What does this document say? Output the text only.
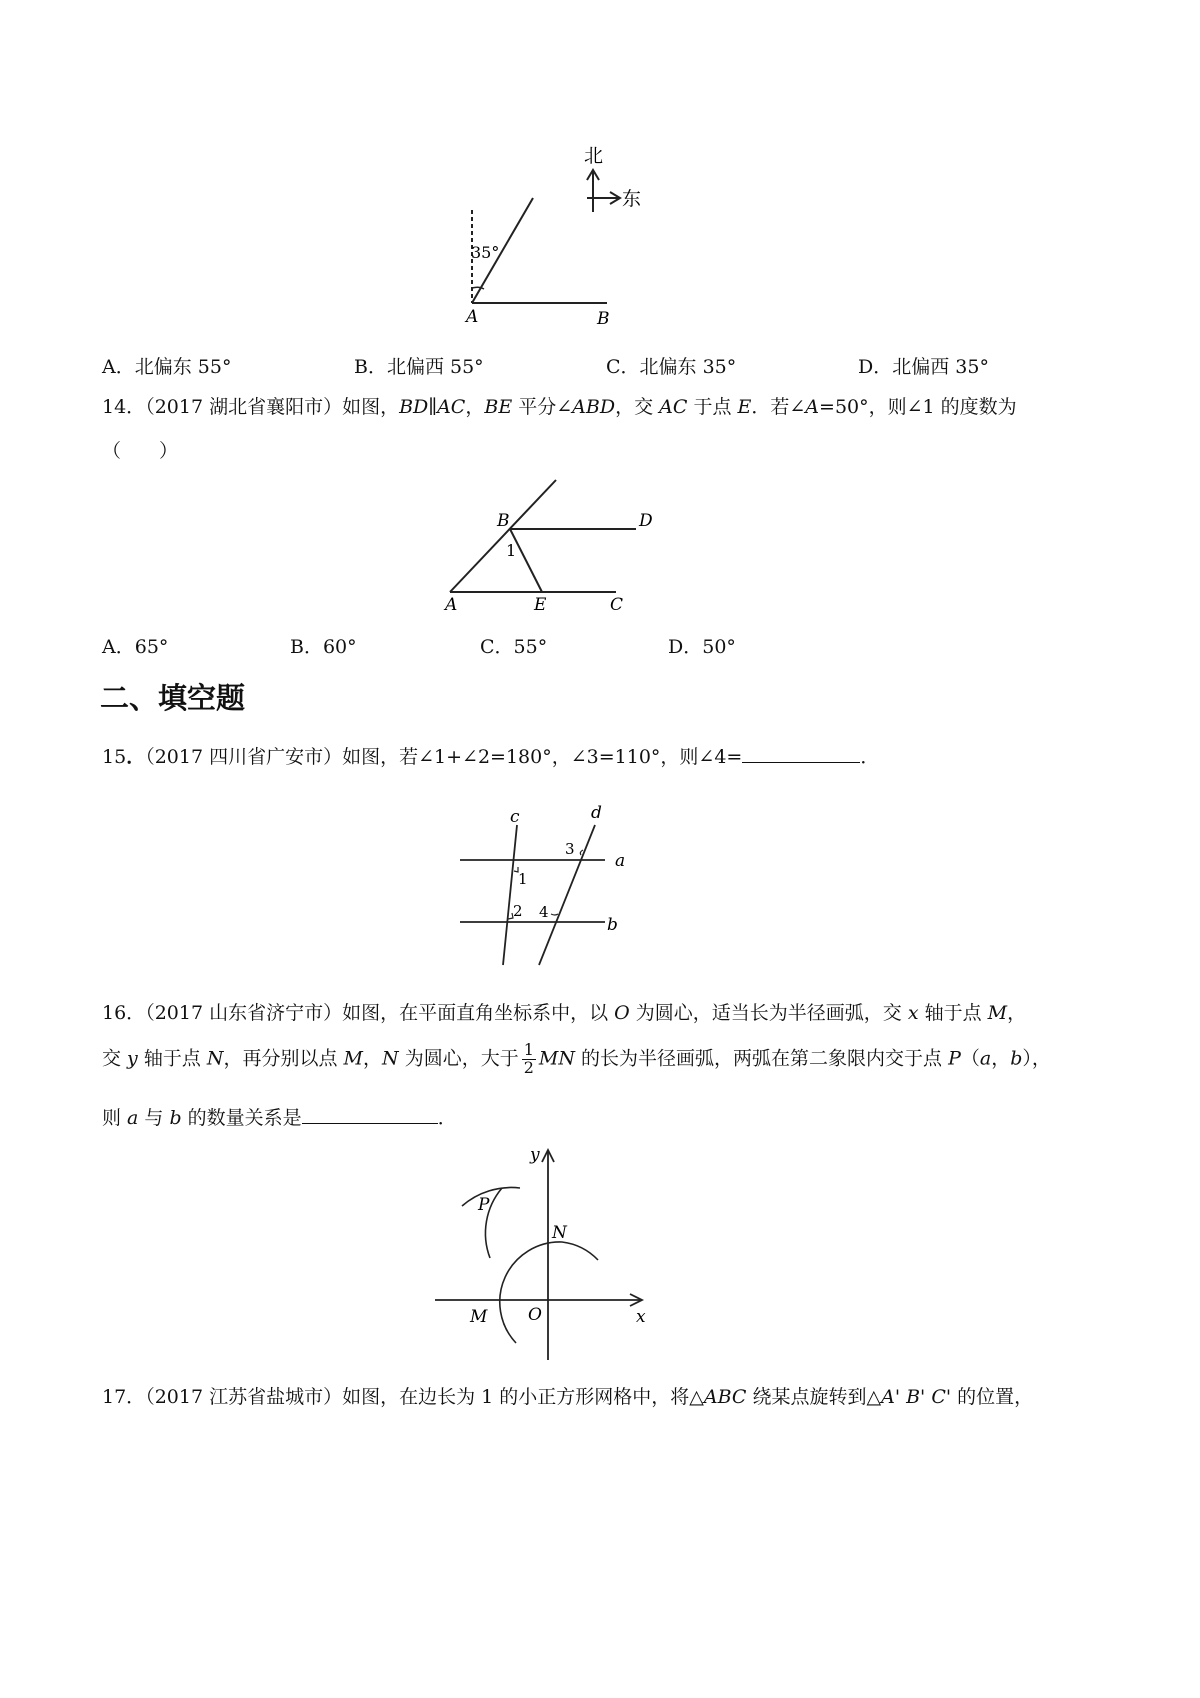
35°
A	B
北
东
A．北偏东 55°	B．北偏西 55°	C．北偏东 35°	D．北偏西 35°
14．（2017 湖北省襄阳市）如图，BD∥AC，BE 平分∠ABD，交 AC 于点 E．若∠A=50°，则∠1 的度数为
（　　）
B	D
1
A	E	C
A．65°	B．60°	C．55°	D．50°
二、填空题
15．（2017 四川省广安市）如图，若∠1+∠2=180°，∠3=110°，则∠4=	．
c	d
a
b
1
2
3
4
16．（2017 山东省济宁市）如图，在平面直角坐标系中，以 O 为圆心，适当长为半径画弧，交 x 轴于点 M，
交 y 轴于点 N，再分别以点 M，N 为圆心，大于 $\frac{1}{2}$ MN 的长为半径画弧，两弧在第二象限内交于点 P（a，b），
则 a 与 b 的数量关系是	．
y
x
P
N
M O
17．（2017 江苏省盐城市）如图，在边长为 1 的小正方形网格中，将△ABC 绕某点旋转到△A' B' C' 的位置，
